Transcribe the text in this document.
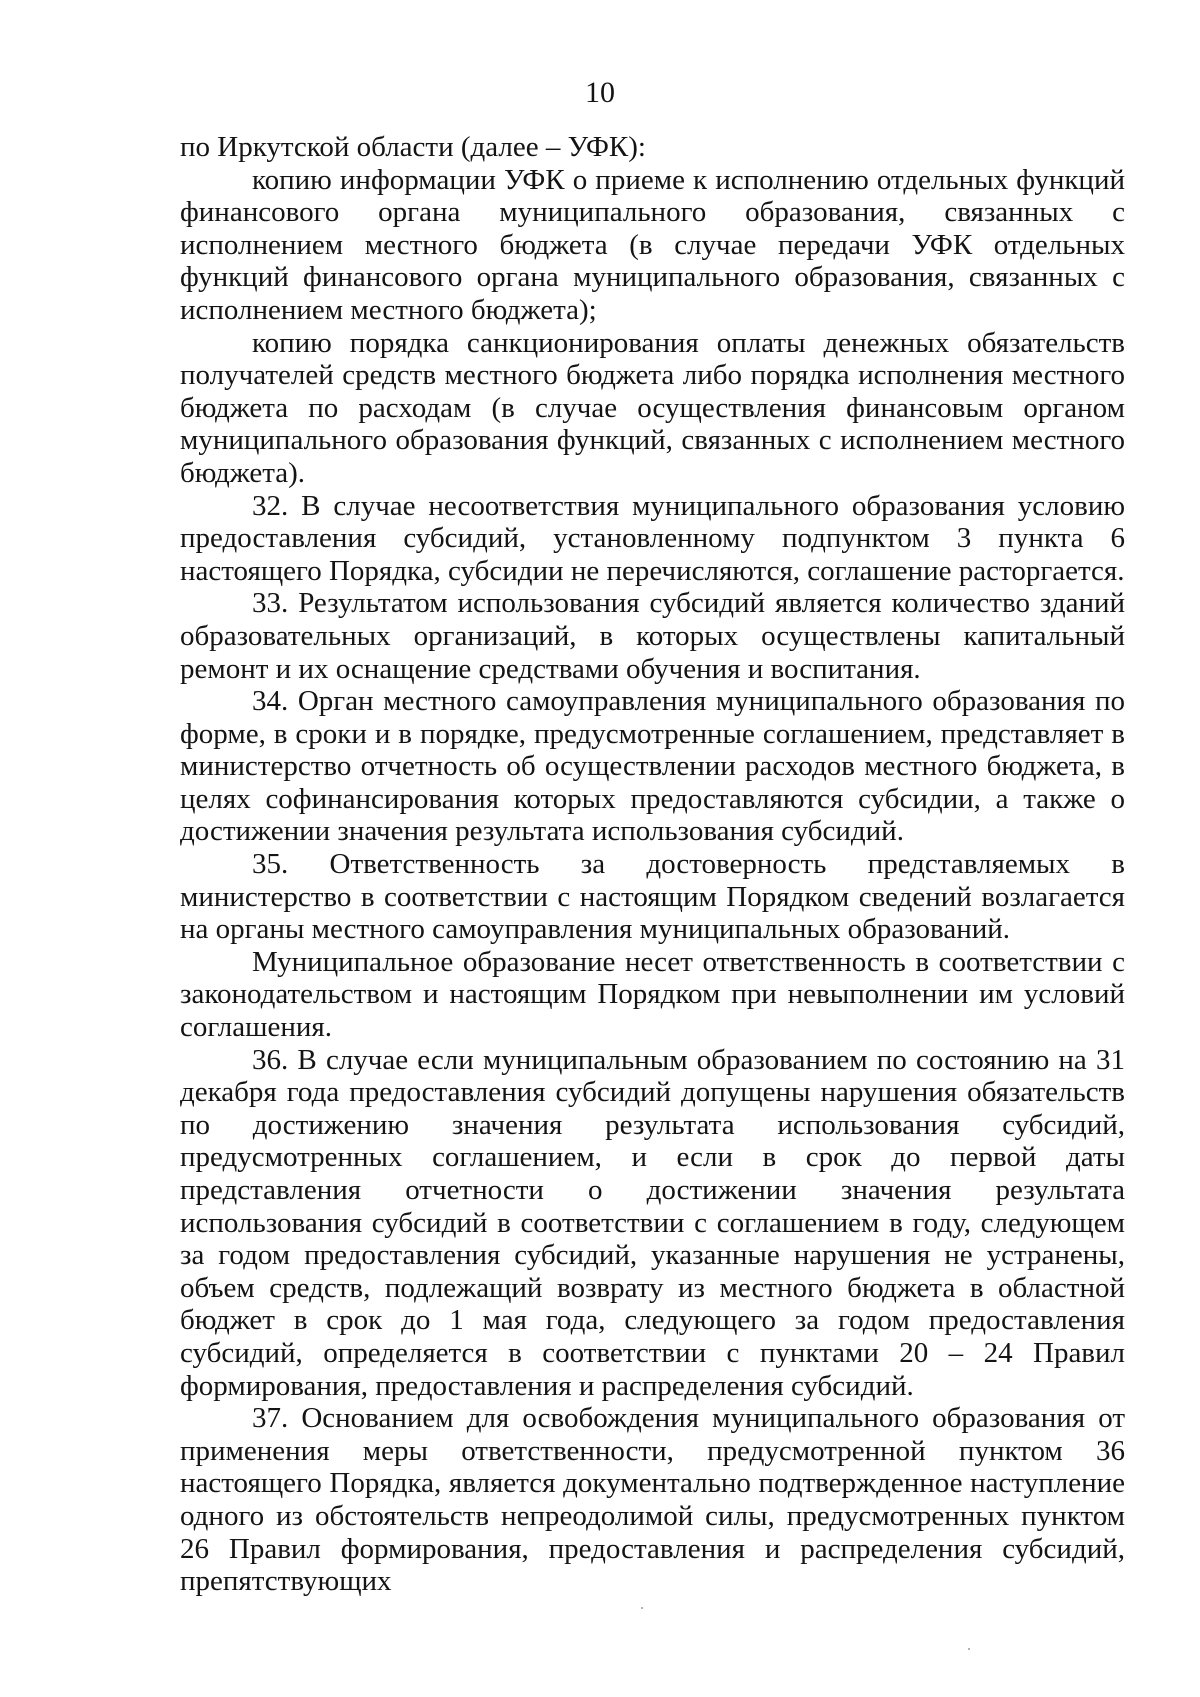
10

по Иркутской области (далее – УФК):

копию информации УФК о приеме к исполнению отдельных функций финансового органа муниципального образования, связанных с исполнением местного бюджета (в случае передачи УФК отдельных функций финансового органа муниципального образования, связанных с исполнением местного бюджета);

копию порядка санкционирования оплаты денежных обязательств получателей средств местного бюджета либо порядка исполнения местного бюджета по расходам (в случае осуществления финансовым органом муниципального образования функций, связанных с исполнением местного бюджета).

32. В случае несоответствия муниципального образования условию предоставления субсидий, установленному подпунктом 3 пункта 6 настоящего Порядка, субсидии не перечисляются, соглашение расторгается.

33. Результатом использования субсидий является количество зданий образовательных организаций, в которых осуществлены капитальный ремонт и их оснащение средствами обучения и воспитания.

34. Орган местного самоуправления муниципального образования по форме, в сроки и в порядке, предусмотренные соглашением, представляет в министерство отчетность об осуществлении расходов местного бюджета, в целях софинансирования которых предоставляются субсидии, а также о достижении значения результата использования субсидий.

35. Ответственность за достоверность представляемых в министерство в соответствии с настоящим Порядком сведений возлагается на органы местного самоуправления муниципальных образований.

Муниципальное образование несет ответственность в соответствии с законодательством и настоящим Порядком при невыполнении им условий соглашения.

36. В случае если муниципальным образованием по состоянию на 31 декабря года предоставления субсидий допущены нарушения обязательств по достижению значения результата использования субсидий, предусмотренных соглашением, и если в срок до первой даты представления отчетности о достижении значения результата использования субсидий в соответствии с соглашением в году, следующем за годом предоставления субсидий, указанные нарушения не устранены, объем средств, подлежащий возврату из местного бюджета в областной бюджет в срок до 1 мая года, следующего за годом предоставления субсидий, определяется в соответствии с пунктами 20 – 24 Правил формирования, предоставления и распределения субсидий.

37. Основанием для освобождения муниципального образования от применения меры ответственности, предусмотренной пунктом 36 настоящего Порядка, является документально подтвержденное наступление одного из обстоятельств непреодолимой силы, предусмотренных пунктом 26 Правил формирования, предоставления и распределения субсидий, препятствующих
